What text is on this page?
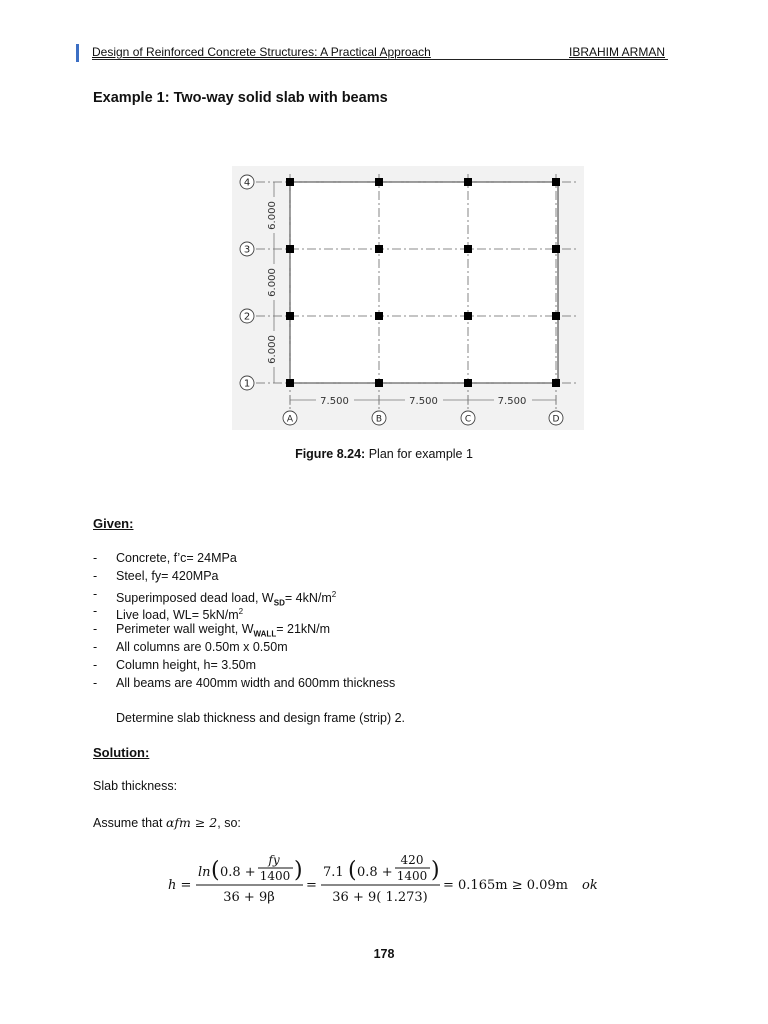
Design of Reinforced Concrete Structures: A Practical Approach	IBRAHIM ARMAN
Example 1: Two-way solid slab with beams
4
3
2
1
A	B	C	D
7.500	7.500	7.500
6.000
6.000
6.000
Figure 8.24: Plan for example 1
Given:
- Concrete, f’c= 24MPa
- Steel, fy= 420MPa
- Superimposed dead load, $W_{SD}= 4kN/m^2$
- Live load, $WL= 5kN/m^2$
- Perimeter wall weight, $W_{WALL}= 21kN/m$
- All columns are 0.50m x 0.50m
- Column height, h= 3.50m
- All beams are 400mm width and 600mm thickness
Determine slab thickness and design frame (strip) 2.
Solution:
Slab thickness:
Assume that αfm ≥ 2, so:
h =
ln ( 0.8 +
fy
1400 )
36 + 9β
=
7.1 ( 0.8 +
420
1400 )
36 + 9( 1.273)
= 0.165m ≥ 0.09m ok
178
